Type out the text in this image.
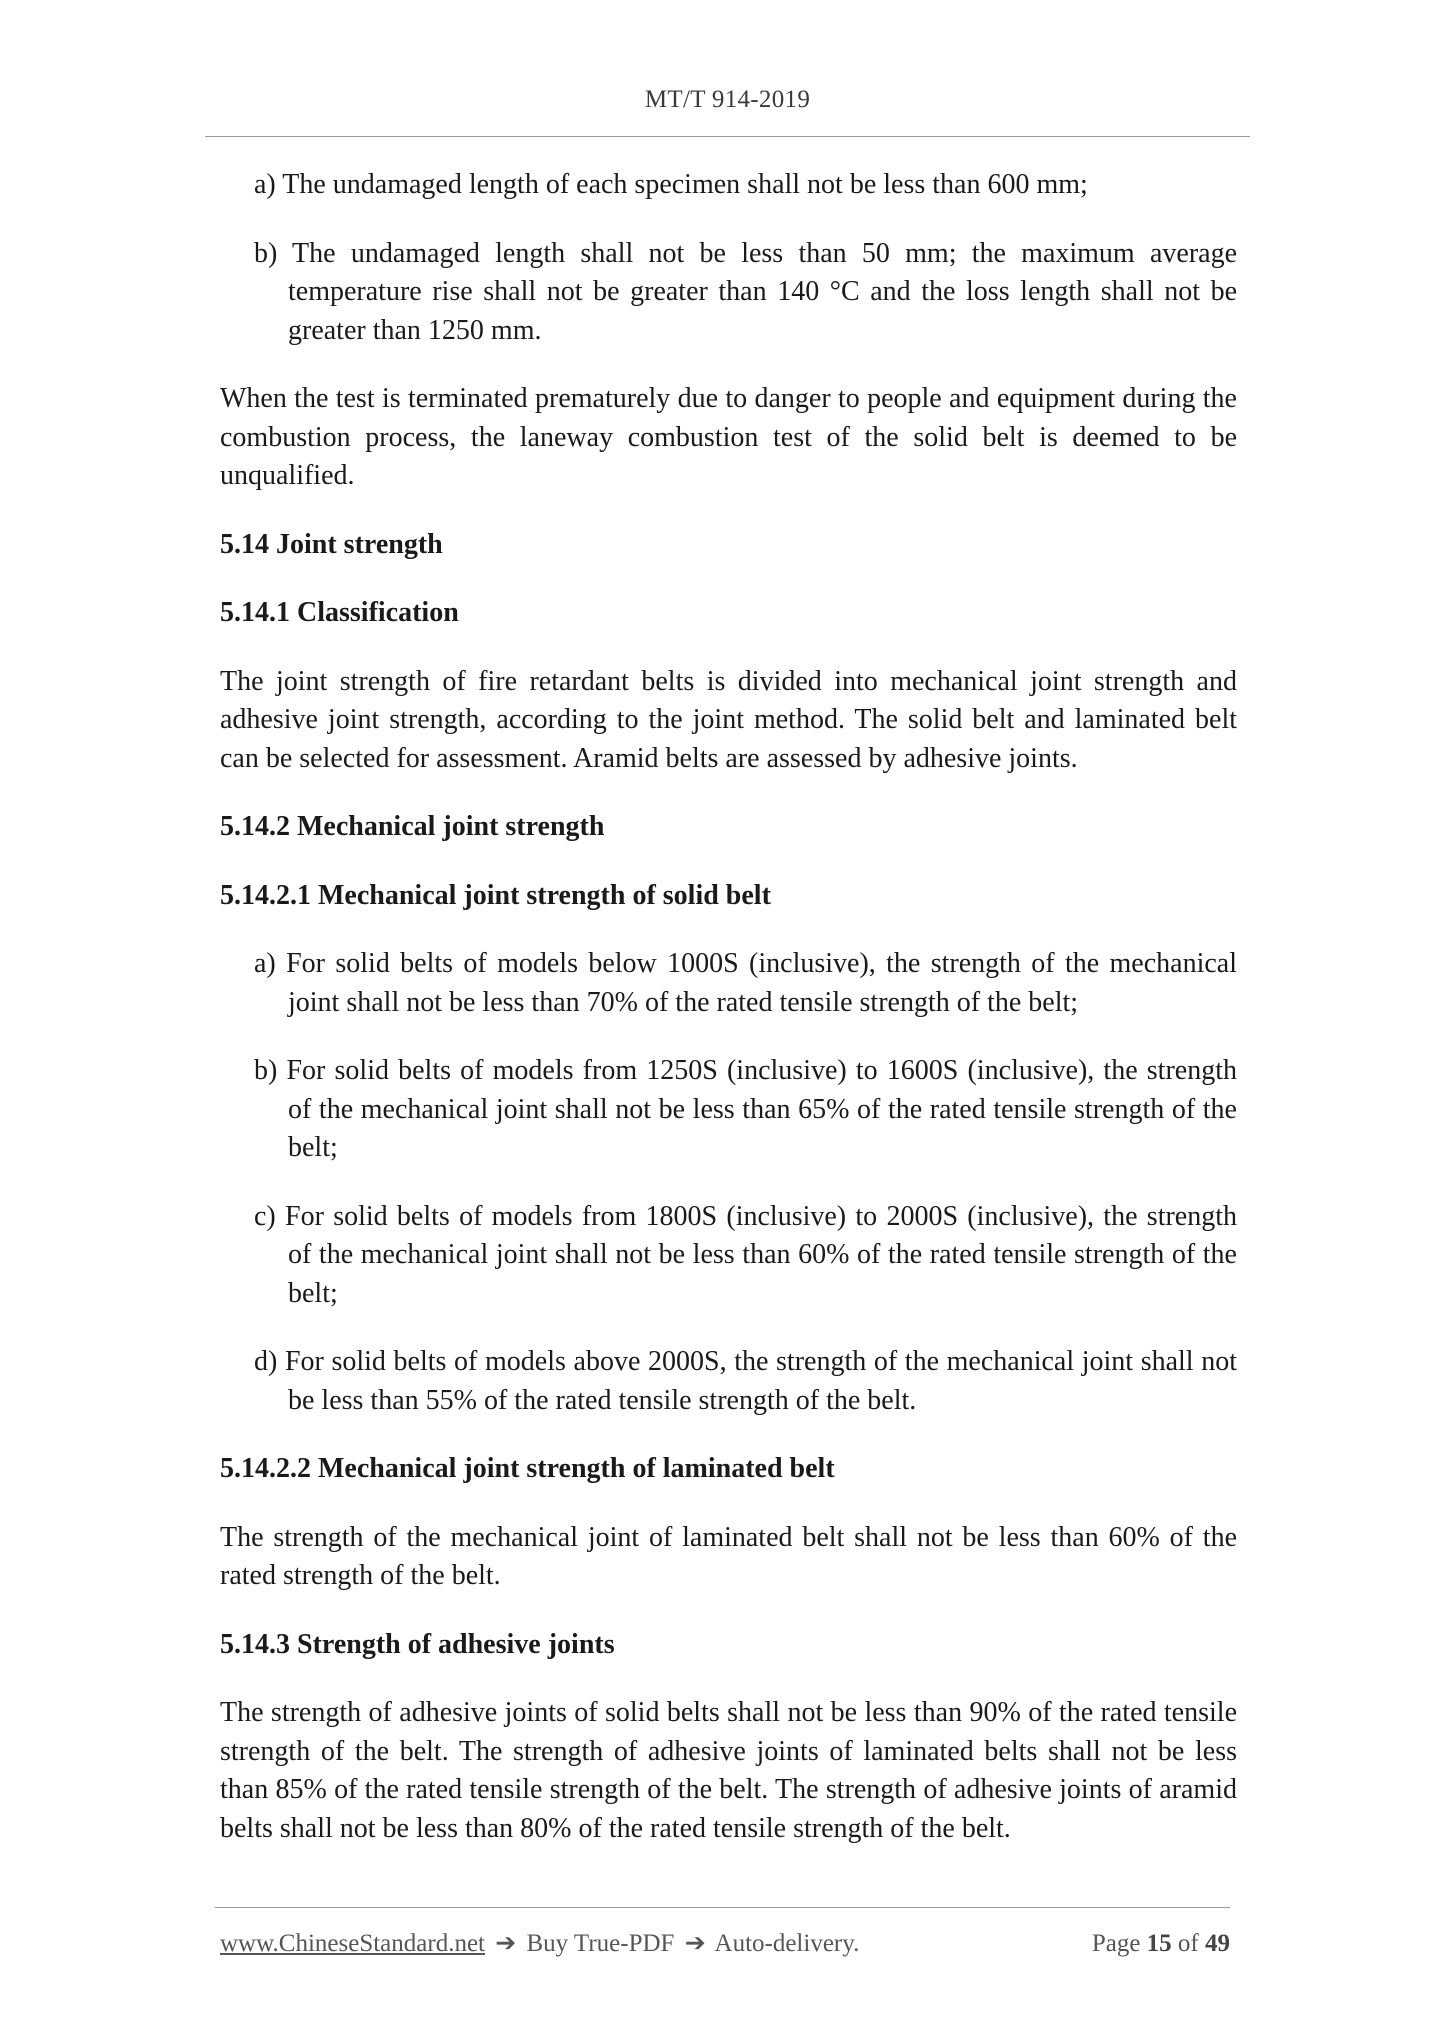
MT/T 914-2019

a) The undamaged length of each specimen shall not be less than 600 mm;

b) The undamaged length shall not be less than 50 mm; the maximum average temperature rise shall not be greater than 140 °C and the loss length shall not be greater than 1250 mm.

When the test is terminated prematurely due to danger to people and equipment during the combustion process, the laneway combustion test of the solid belt is deemed to be unqualified.

5.14 Joint strength
5.14.1 Classification

The joint strength of fire retardant belts is divided into mechanical joint strength and adhesive joint strength, according to the joint method. The solid belt and laminated belt can be selected for assessment. Aramid belts are assessed by adhesive joints.

5.14.2 Mechanical joint strength
5.14.2.1 Mechanical joint strength of solid belt

a) For solid belts of models below 1000S (inclusive), the strength of the mechanical joint shall not be less than 70% of the rated tensile strength of the belt;

b) For solid belts of models from 1250S (inclusive) to 1600S (inclusive), the strength of the mechanical joint shall not be less than 65% of the rated tensile strength of the belt;

c) For solid belts of models from 1800S (inclusive) to 2000S (inclusive), the strength of the mechanical joint shall not be less than 60% of the rated tensile strength of the belt;

d) For solid belts of models above 2000S, the strength of the mechanical joint shall not be less than 55% of the rated tensile strength of the belt.

5.14.2.2 Mechanical joint strength of laminated belt

The strength of the mechanical joint of laminated belt shall not be less than 60% of the rated strength of the belt.

5.14.3 Strength of adhesive joints

The strength of adhesive joints of solid belts shall not be less than 90% of the rated tensile strength of the belt. The strength of adhesive joints of laminated belts shall not be less than 85% of the rated tensile strength of the belt. The strength of adhesive joints of aramid belts shall not be less than 80% of the rated tensile strength of the belt.

www.ChineseStandard.net ➔ Buy True-PDF ➔ Auto-delivery.	Page 15 of 49
